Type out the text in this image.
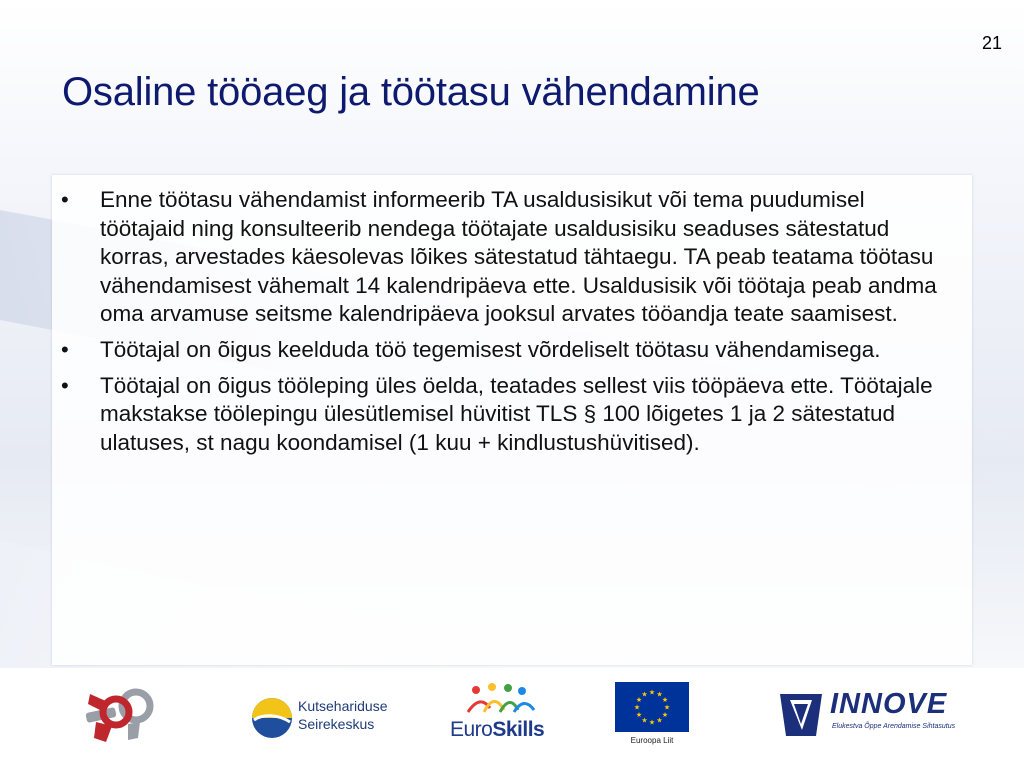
21
Osaline tööaeg ja töötasu vähendamine
• Enne töötasu vähendamist informeerib TA usaldusisikut või tema puudumisel töötajaid ning konsulteerib nendega töötajate usaldusisiku seaduses sätestatud korras, arvestades käesolevas lõikes sätestatud tähtaegu. TA peab teatama töötasu vähendamisest vähemalt 14 kalendripäeva ette. Usaldusisik või töötaja peab andma oma arvamuse seitsme kalendripäeva jooksul arvates tööandja teate saamisest.
• Töötajal on õigus keelduda töö tegemisest võrdeliselt töötasu vähendamisega.
• Töötajal on õigus tööleping üles öelda, teatades sellest viis tööpäeva ette. Töötajale makstakse töölepingu ülesütlemisel hüvitist TLS § 100 lõigetes 1 ja 2 sätestatud ulatuses, st nagu koondamisel (1 kuu + kindlustushüvitised).
Kutsehariduse
Seirekeskus	EuroSkills
★ ★
★
★
★
★
★
★
★
★
★
★
Euroopa Liit
INNOVE
Elukestva Õppe Arendamise Sihtasutus
